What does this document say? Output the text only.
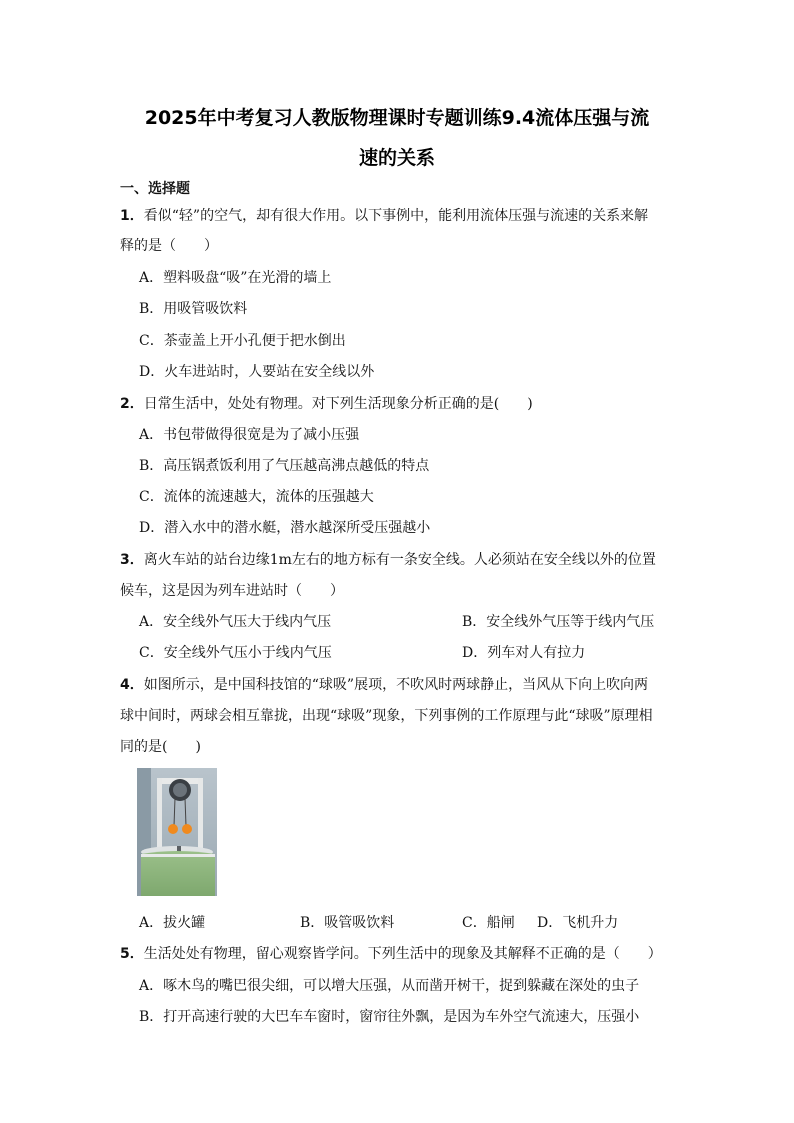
2025年中考复习人教版物理课时专题训练9.4流体压强与流
速的关系
一、选择题
1．看似“轻”的空气，却有很大作用。以下事例中，能利用流体压强与流速的关系来解
释的是（　　）
A．塑料吸盘“吸”在光滑的墙上
B．用吸管吸饮料
C．茶壶盖上开小孔便于把水倒出
D．火车进站时，人要站在安全线以外
2．日常生活中，处处有物理。对下列生活现象分析正确的是(　　)
A．书包带做得很宽是为了减小压强
B．高压锅煮饭利用了气压越高沸点越低的特点
C．流体的流速越大，流体的压强越大
D．潜入水中的潜水艇，潜水越深所受压强越小
3．离火车站的站台边缘1m左右的地方标有一条安全线。人必须站在安全线以外的位置
候车，这是因为列车进站时（　　）
A．安全线外气压大于线内气压	B．安全线外气压等于线内气压
C．安全线外气压小于线内气压	D．列车对人有拉力
4．如图所示，是中国科技馆的“球吸”展项，不吹风时两球静止，当风从下向上吹向两
球中间时，两球会相互靠拢，出现“球吸”现象，下列事例的工作原理与此“球吸”原理相
同的是(　　)
A．拔火罐	B．吸管吸饮料	C．船闸 D．飞机升力
5．生活处处有物理，留心观察皆学问。下列生活中的现象及其解释不正确的是（　　）
A．啄木鸟的嘴巴很尖细，可以增大压强，从而凿开树干，捉到躲藏在深处的虫子
B．打开高速行驶的大巴车车窗时，窗帘往外飘，是因为车外空气流速大，压强小
